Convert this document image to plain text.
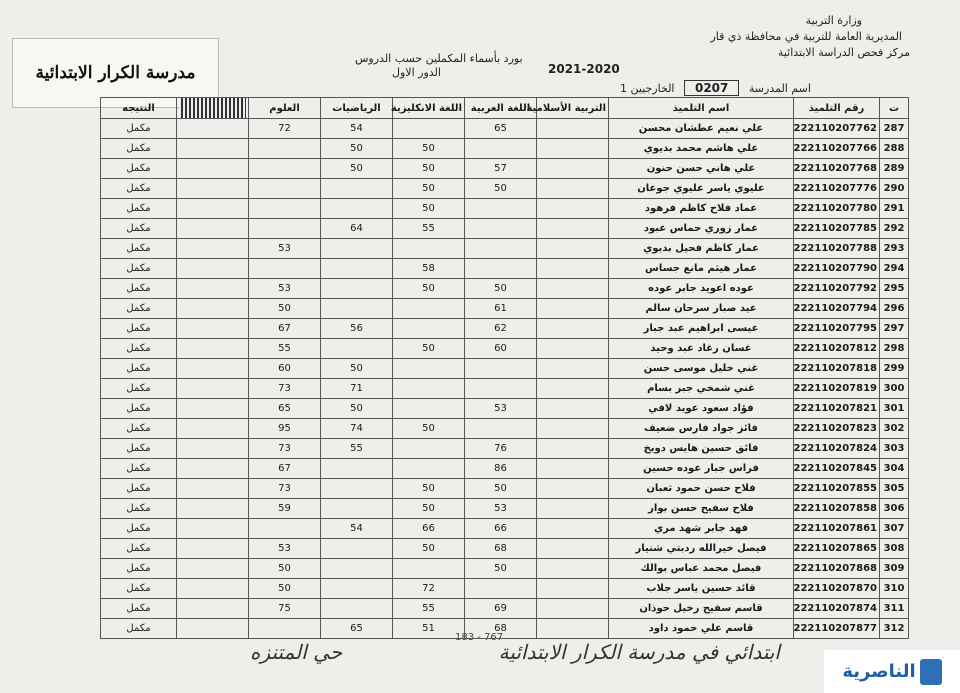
وزارة التربية
المديرية العامة للتربية في محافظة ذي قار
مركز فحص الدراسة الابتدائية
بورد بأسماء المكملين حسب الدروس
الدور الاول	2021-2020
اسم المدرسة 0207 الخارجيين 1
مدرسة الكرار الابتدائية
ت	رقم التلميذ	اسم التلميذ	التربية الأسلامية	اللغة العربية	اللغة الانكليزية	الرياضيات	العلوم		النتيجه
287	222110207762	علي نعيم عطشان محسن		65		54	72		مكمل
288	222110207766	علي هاشم محمد بديوي			50	50			مكمل
289	222110207768	علي هاني حسن حنون		57	50	50			مكمل
290	222110207776	عليوي ياسر عليوي جوعان		50	50				مكمل
291	222110207780	عماد فلاح كاظم فرهود			50				مكمل
292	222110207785	عمار زوري حماس عبود			55	64			مكمل
293	222110207788	عمار كاظم فحيل بديوي					53		مكمل
294	222110207790	عمار هيثم مانع جساس			58				مكمل
295	222110207792	عوده اعويد جابر عوده		50	50		53		مكمل
296	222110207794	عيد صبار سرحان سالم		61			50		مكمل
297	222110207795	عيسى ابراهيم عبد جبار		62		56	67		مكمل
298	222110207812	غسان رغاد عبد وحيد		60	50		55		مكمل
299	222110207818	غني خليل موسى حسن				50	60		مكمل
300	222110207819	غني شمخي جبر بسام				71	73		مكمل
301	222110207821	فؤاد سعود عويد لافي		53		50	65		مكمل
302	222110207823	فائز جواد فارس ضعيف			50	74	95		مكمل
303	222110207824	فائق حسين هايس دويخ		76		55	73		مكمل
304	222110207845	فراس جبار عوده حسين		86			67		مكمل
305	222110207855	فلاح حسن حمود ثعبان		50	50		73		مكمل
306	222110207858	فلاح سفيح حسن بوار		53	50		59		مكمل
307	222110207861	فهد جابر شهد مري		66	66	54			مكمل
308	222110207865	فيصل خيرالله ردبتي شنيار		68	50		53		مكمل
309	222110207868	فيصل محمد عباس بوالك		50			50		مكمل
310	222110207870	قائد حسين ياسر جلاب			72		50		مكمل
311	222110207874	قاسم سفيح رخيل حوذان		69	55		75		مكمل
312	222110207877	قاسم علي حمود داود		68	51	65			مكمل
183 - 767
ابتدائي في مدرسة الكرار الابتدائية
حي المتنزه
الناصرية
